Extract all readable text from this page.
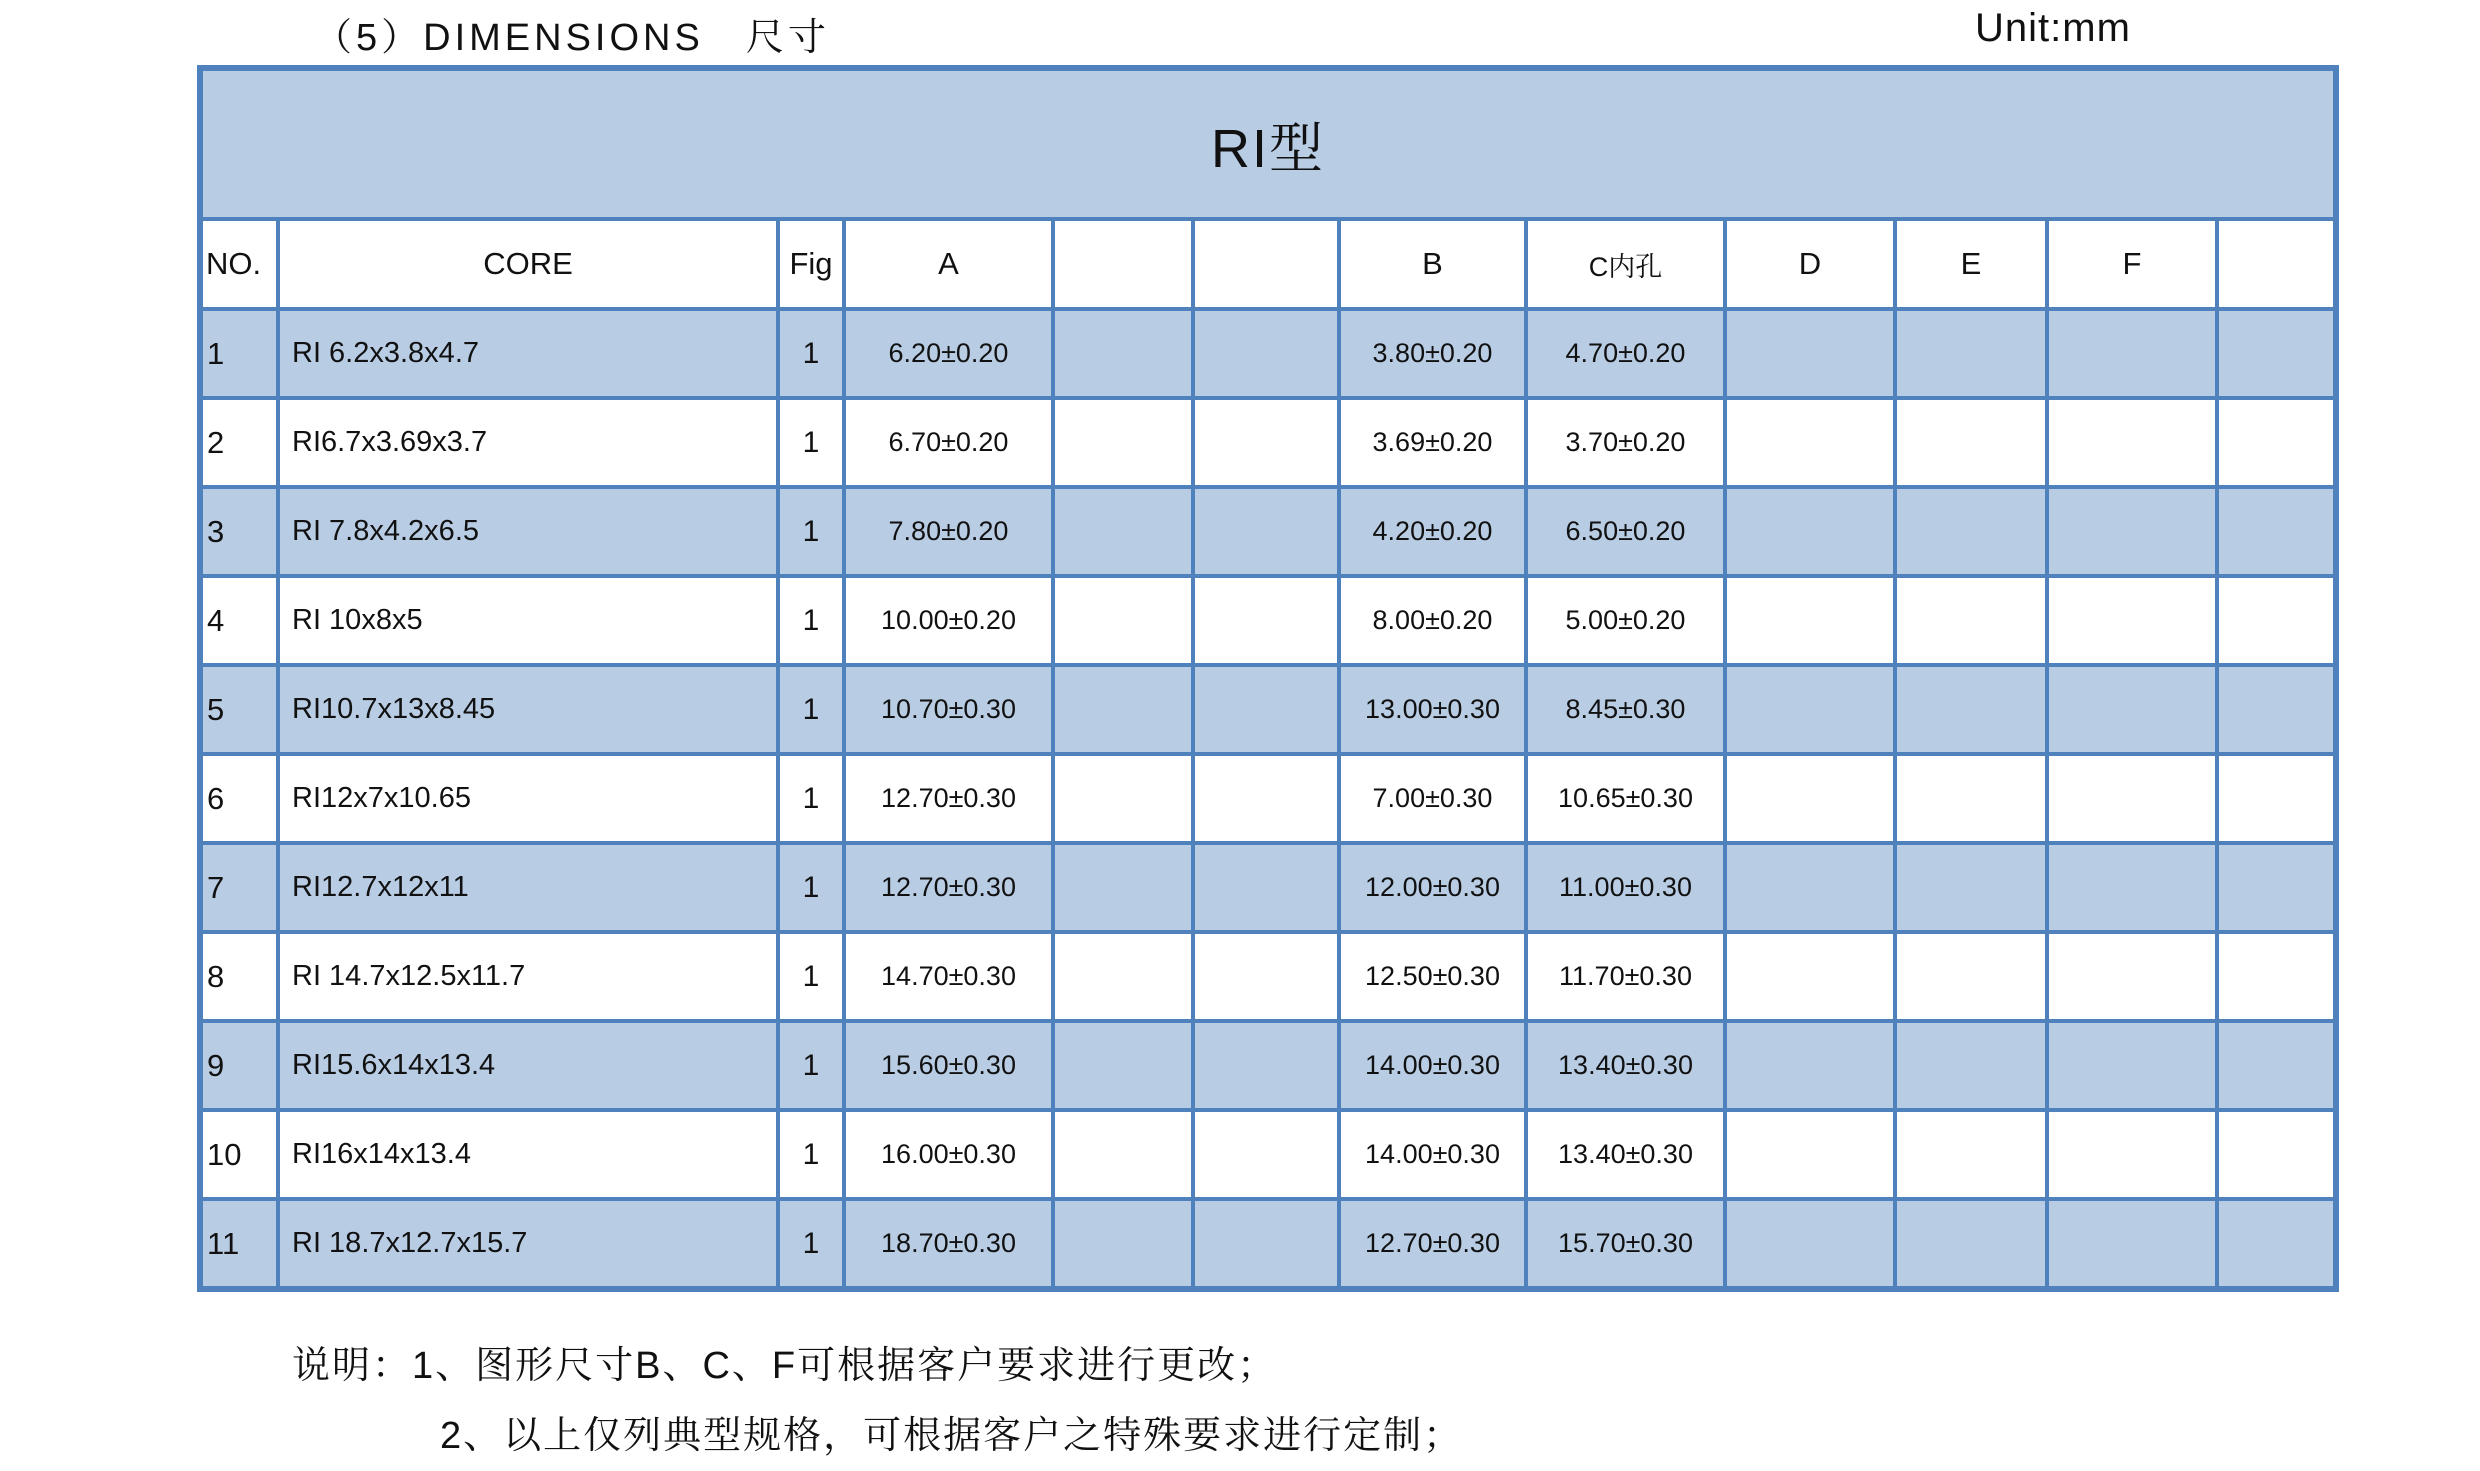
（5）DIMENSIONS　尺寸	Unit:mm
RI型											
NO.	CORE	Fig	A			B	C内孔	D	E	F	
1	RI 6.2x3.8x4.7	1	6.20±0.20			3.80±0.20	4.70±0.20				
2	RI6.7x3.69x3.7	1	6.70±0.20			3.69±0.20	3.70±0.20				
3	RI 7.8x4.2x6.5	1	7.80±0.20			4.20±0.20	6.50±0.20				
4	RI 10x8x5	1	10.00±0.20			8.00±0.20	5.00±0.20				
5	RI10.7x13x8.45	1	10.70±0.30			13.00±0.30	8.45±0.30				
6	RI12x7x10.65	1	12.70±0.30			7.00±0.30	10.65±0.30				
7	RI12.7x12x11	1	12.70±0.30			12.00±0.30	11.00±0.30				
8	RI 14.7x12.5x11.7	1	14.70±0.30			12.50±0.30	11.70±0.30				
9	RI15.6x14x13.4	1	15.60±0.30			14.00±0.30	13.40±0.30				
10	RI16x14x13.4	1	16.00±0.30			14.00±0.30	13.40±0.30				
11	RI 18.7x12.7x15.7	1	18.70±0.30			12.70±0.30	15.70±0.30				
说明：1、图形尺寸B、C、F可根据客户要求进行更改；
2、以上仅列典型规格，可根据客户之特殊要求进行定制；
